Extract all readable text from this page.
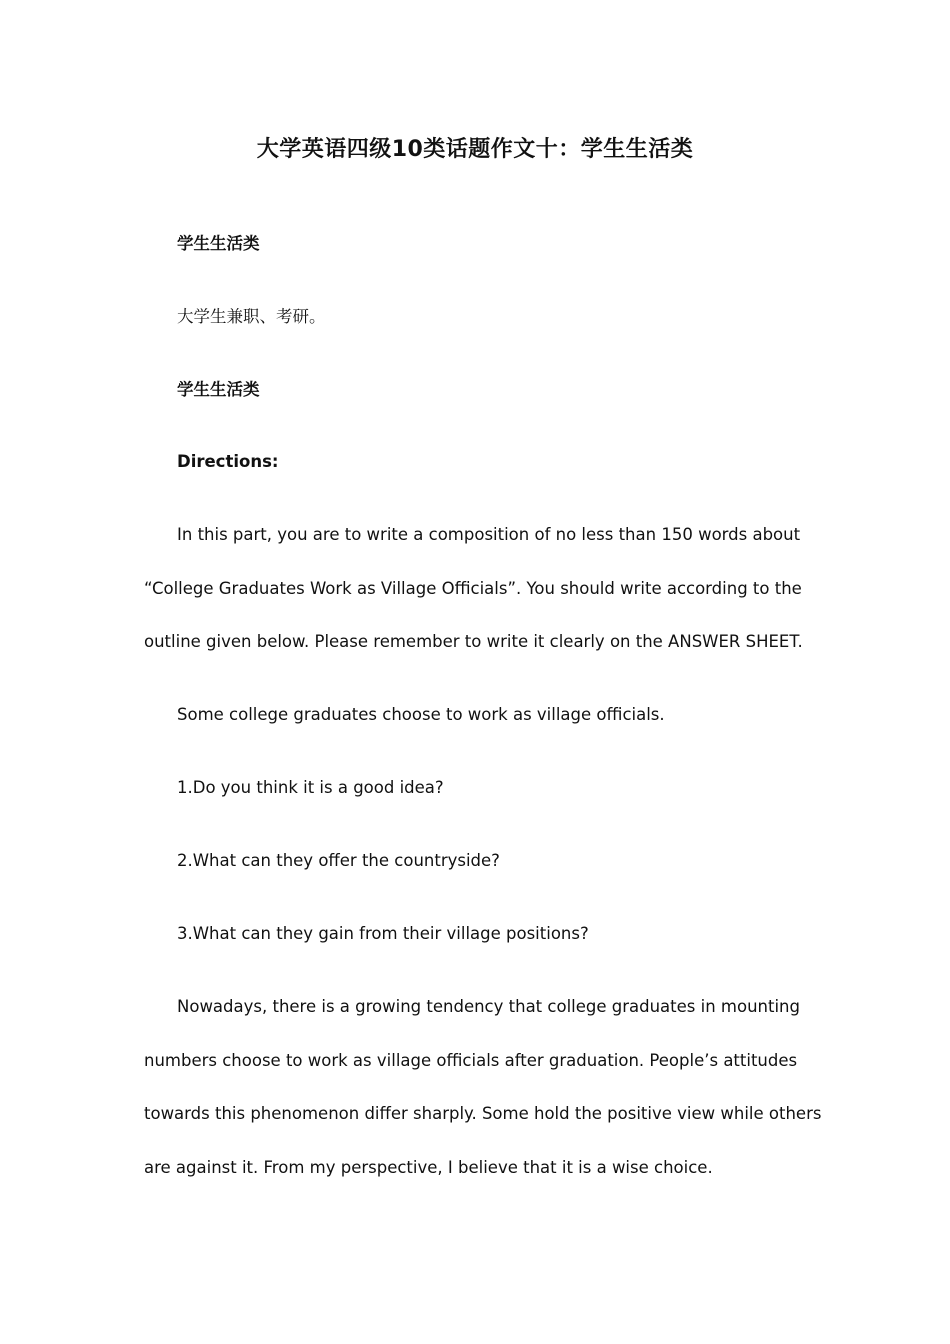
大学英语四级10类话题作文十：学生生活类

学生生活类

大学生兼职、考研。

学生生活类

Directions:

In this part, you are to write a composition of no less than 150 words about “College Graduates Work as Village Officials”. You should write according to the outline given below. Please remember to write it clearly on the ANSWER SHEET.

Some college graduates choose to work as village officials.

1.Do you think it is a good idea?

2.What can they offer the countryside?

3.What can they gain from their village positions?

Nowadays, there is a growing tendency that college graduates in mounting numbers choose to work as village officials after graduation. People’s attitudes towards this phenomenon differ sharply. Some hold the positive view while others are against it. From my perspective, I believe that it is a wise choice.
